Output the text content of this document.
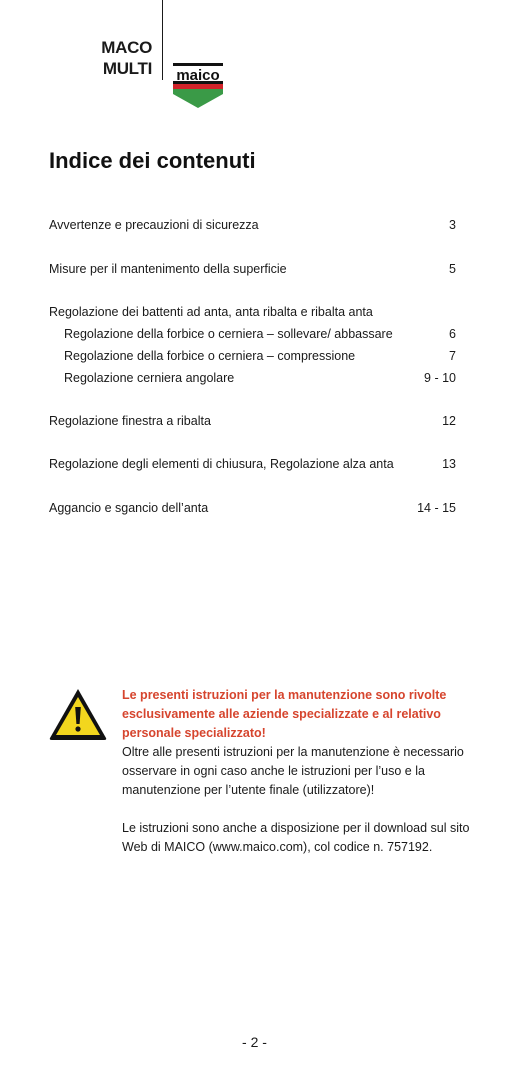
MACO
MULTI maico
Indice dei contenuti
Avvertenze e precauzioni di sicurezza	3
Misure per il mantenimento della superficie	5
Regolazione dei battenti ad anta, anta ribalta e ribalta anta
Regolazione della forbice o cerniera – sollevare/ abbassare	6
Regolazione della forbice o cerniera – compressione	7
Regolazione cerniera angolare	9 - 10
Regolazione finestra a ribalta	12
Regolazione degli elementi di chiusura, Regolazione alza anta	13
Aggancio e sgancio dell’anta	14 - 15

Le presenti istruzioni per la manutenzione sono rivolte esclusivamente alle aziende specializzate e al relativo personale specializzato!

Oltre alle presenti istruzioni per la manutenzione è necessario osservare in ogni caso anche le istruzioni per l’uso e la manutenzione per l’utente finale (utilizzatore)!

Le istruzioni sono anche a disposizione per il download sul sito Web di MAICO (www.maico.com), col codice n. 757192.

- 2 -
